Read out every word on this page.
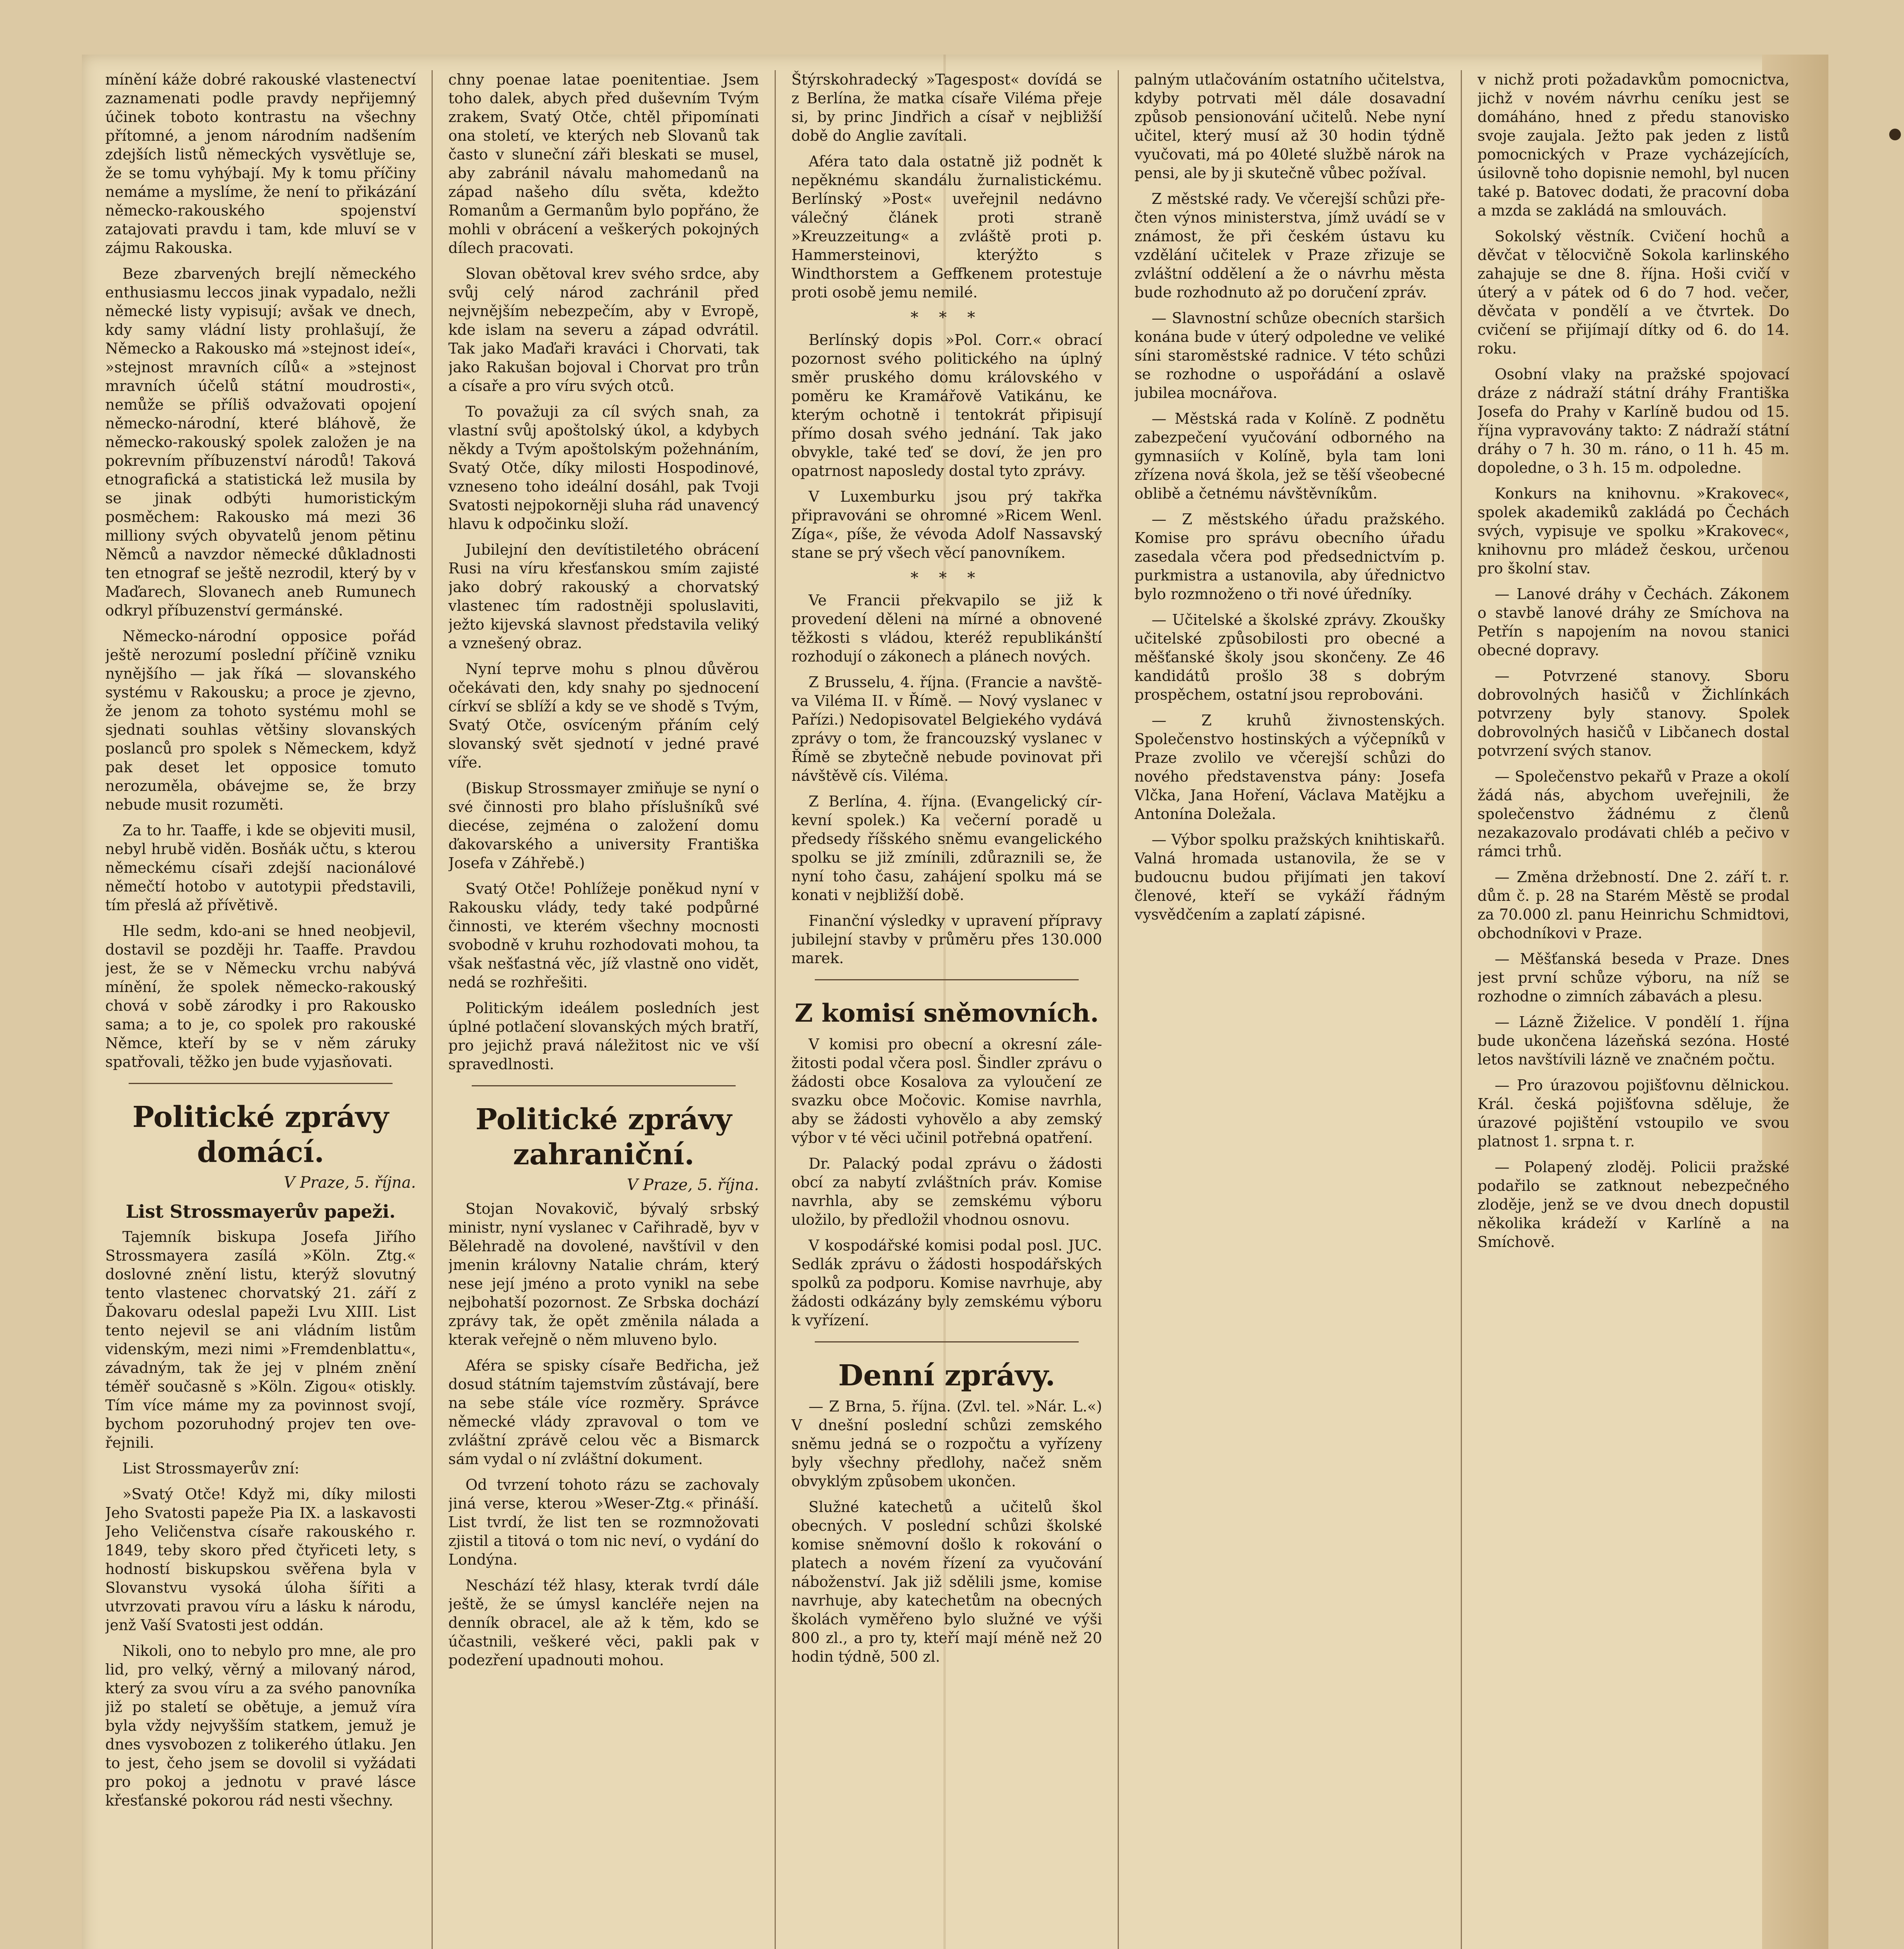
mínění káže dobré rakouské vlastenectví zaznamenati podle pravdy nepřijemný účinek toboto kontrastu na všechny přítomné, a jenom národním nadšením zdejších listů německých vysvětluje se, že se tomu vyhýbají. My k tomu příčiny nemáme a myslíme, že není to přikázání německo-rakouského spojenství zatajovati pravdu i tam, kde mluví se v zájmu Rakouska.

Beze zbarvených brejlí německého enthusiasmu leccos jinak vypadalo, nežli německé listy vypisují; avšak ve dnech, kdy samy vládní listy prohlašují, že Německo a Rakousko má »stejnost ideí«, »stejnost mravních cílů« a »stejnost mravních účelů státní moudrosti«, nemůže se příliš odvažovati opojení německo-národní, které bláhově, že německo-rakouský spolek založen je na pokrevním příbuzenství národů! Taková etnografická a statistická lež musila by se jinak odbýti humoristickým posměchem: Rakousko má mezi 36 milliony svých obyvatelů jenom pětinu Němců a navzdor německé důkladnosti ten etnograf se ještě nezrodil, který by v Maďarech, Slovanech aneb Rumunech odkryl příbuzenství germánské.

Německo-národní opposice pořád ještě nerozumí poslední příčině vzniku nynějšího — jak říká — slovanského systému v Rakousku; a proce je zjevno, že jenom za tohoto systému mohl se sjednati souhlas většiny slovanských poslanců pro spolek s Německem, když pak deset let opposice tomuto nerozuměla, obávejme se, že brzy nebude musit rozuměti.

Za to hr. Taaffe, i kde se objeviti musil, nebyl hrubě viděn. Bosňák učtu, s kterou německému císaři zdejší nacionálové němečtí hotobo v autotypii představili, tím přeslá až přívětivě.

Hle sedm, kdo-ani se hned neobjevil, dostavil se později hr. Taaffe. Pravdou jest, že se v Německu vrchu nabývá mínění, že spolek německo-rakouský chová v sobě zárodky i pro Rakousko sama; a to je, co spolek pro rakouské Němce, kteří by se v něm záruky spatřovali, těžko jen bude vyjasňovati.

Politické zprávy domácí.
V Praze, 5. října.
List Strossmayerův papeži.

Tajemník biskupa Josefa Jiřího Strossmayera zasílá »Köln. Ztg.« doslovné znění listu, kterýž slovutný tento vlastenec chorvatský 21. září z Ďakovaru odeslal papeži Lvu XIII. List tento nejevil se ani vládním listům videnským, mezi nimi »Fremdenblattu«, závadným, tak že jej v plném znění téměř současně s »Köln. Zigou« otiskly. Tím více máme my za povinnost svojí, bychom pozoruhodný projev ten oveřejnili.

List Strossmayerův zní:

»Svatý Otče! Když mi, díky milosti Jeho Svatosti papeže Pia IX. a laskavosti Jeho Veličenstva císaře rakouského r. 1849, teby skoro před čtyřiceti lety, s hodností biskupskou svěřena byla v Slovanstvu vysoká úloha šířiti a utvrzovati pravou víru a lásku k národu, jenž Vaší Svatosti jest oddán.

Nikoli, ono to nebylo pro mne, ale pro lid, pro velký, věrný a milovaný národ, který za svou víru a za svého panovníka již po staletí se obětuje, a jemuž víra byla vždy nejvyšším statkem, jemuž je dnes vysvobozen z tolikerého útlaku. Jen to jest, čeho jsem se dovolil si vyžádati pro pokoj a jednotu v pravé lásce křesťanské pokorou rád nesti všechny.

chny poenae latae poenitentiae. Jsem toho dalek, abych před duševním Tvým zrakem, Svatý Otče, chtěl připomínati ona století, ve kterých neb Slovanů tak často v sluneční záři bleskati se musel, aby zabránil návalu mahomedanů na západ našeho dílu světa, kdežto Romanům a Germanům bylo popřáno, že mohli v obrácení a veškerých pokojných dílech pracovati.

Slovan obětoval krev svého srdce, aby svůj celý národ zachránil před nejvnějším nebezpečím, aby v Evropě, kde islam na severu a západ odvrátil. Tak jako Maďaři kraváci i Chorvati, tak jako Rakušan bojoval i Chorvat pro trůn a císaře a pro víru svých otců.

To považuji za cíl svých snah, za vlastní svůj apoštolský úkol, a kdybych někdy a Tvým apoštolským požehnáním, Svatý Otče, díky milosti Hospodinové, vzneseno toho ideální dosáhl, pak Tvoji Svatosti nejpokorněji sluha rád unavencý hlavu k odpočinku složí.

Jubilejní den devítistiletého obrácení Rusi na víru křesťanskou smím zajisté jako dobrý rakouský a chorvatský vlastenec tím radostněji spoluslaviti, ježto kijevská slavnost představila veliký a vznešený obraz.

Nyní teprve mohu s plnou důvěrou očekávati den, kdy snahy po sjednocení církví se sblíží a kdy se ve shodě s Tvým, Svatý Otče, osvíceným přáním celý slovanský svět sjednotí v jedné pravé víře.

(Biskup Strossmayer zmiňuje se nyní o své činnosti pro blaho příslušníků své diecése, zejména o založení domu ďakovarského a university Františka Josefa v Záhřebě.)

Svatý Otče! Pohlížeje poněkud nyní v Rakousku vlády, tedy také podpůrné činnosti, ve kterém všechny mocnosti svobodně v kruhu rozhodovati mohou, ta však nešťastná věc, jíž vlastně ono vidět, nedá se rozhřešiti.

Politickým ideálem posledních jest úplné potlačení slovanských mých bratří, pro jejichž pravá náležitost nic ve vší spravedlnosti.

Politické zprávy zahraniční.
V Praze, 5. října.

Stojan Novakovič, bývalý srbský ministr, nyní vyslanec v Cařihradě, byv v Bělehradě na dovolené, navštívil v den jmenin královny Natalie chrám, který nese její jméno a proto vynikl na sebe nejbohatší pozornost. Ze Srbska dochází zprávy tak, že opět změnila nálada a kterak veřejně o něm mluveno bylo.

Aféra se spisky císaře Bedřicha, jež dosud státním tajemstvím zůstávají, bere na sebe stále více rozměry. Správce německé vlády zpravoval o tom ve zvláštní zprávě celou věc a Bismarck sám vydal o ní zvláštní dokument.

Od tvrzení tohoto rázu se zachovaly jiná verse, kterou »Weser-Ztg.« přináší. List tvrdí, že list ten se rozmnožovati zjistil a titová o tom nic neví, o vydání do Londýna.

Neschází též hlasy, kterak tvrdí dále ještě, že se úmysl kancléře nejen na denník obracel, ale až k těm, kdo se účastnili, veškeré věci, pakli pak v podezření upadnouti mohou.

Štýrskohradecký »Tagespost« dovídá se z Berlína, že matka císaře Viléma přeje si, by princ Jindřich a císař v nejbližší době do Anglie zavítali.

Aféra tato dala ostatně již podnět k nepěknému skandálu žurnalistickému. Berlínský »Post« uveřejnil nedávno válečný článek proti straně »Kreuzzeitung« a zvláště proti p. Hammersteinovi, kterýžto s Windthorstem a Geffkenem protestuje proti osobě jemu nemilé.

* * *

Berlínský dopis »Pol. Corr.« obrací pozornost svého politického na úplný směr pruského domu královského v poměru ke Kramářově Vatikánu, ke kterým ochotně i tentokrát připisují přímo dosah svého jednání. Tak jako obvykle, také teď se doví, že jen pro opatrnost naposledy dostal tyto zprávy.

V Luxemburku jsou prý takřka připravováni se ohromné »Ricem Wenl. Zíga«, píše, že vévoda Adolf Nassavský stane se prý všech věcí panovníkem.

* * *

Ve Francii překvapilo se již k provedení děleni na mírné a obnovené těžkosti s vládou, kteréž republikánští rozhodují o zákonech a plánech nových.

Z Brusselu, 4. října. (Francie a navštěva Viléma II. v Římě. — Nový vyslanec v Pařízi.) Nedopisovatel Belgiekého vydává zprávy o tom, že francouzský vyslanec v Římě se zbytečně nebude povinovat při návštěvě cís. Viléma.

Z Berlína, 4. října. (Evangelický církevní spolek.) Ka večerní poradě u předsedy říšského sněmu evangelického spolku se již zmínili, zdůraznili se, že nyní toho času, zahájení spolku má se konati v nejbližší době.

Finanční výsledky v upravení přípravy jubilejní stavby v průměru přes 130.000 marek.

Z komisí sněmovních.

V komisi pro obecní a okresní záležitosti podal včera posl. Šindler zprávu o žádosti obce Kosalova za vyloučení ze svazku obce Močovic. Komise navrhla, aby se žádosti vyhovělo a aby zemský výbor v té věci učinil potřebná opatření.

Dr. Palacký podal zprávu o žádosti obcí za nabytí zvláštních práv. Komise navrhla, aby se zemskému výboru uložilo, by předložil vhodnou osnovu.

V kospodářské komisi podal posl. JUC. Sedlák zprávu o žádosti hospodářských spolků za podporu. Komise navrhuje, aby žádosti odkázány byly zemskému výboru k vyřízení.

Denní zprávy.

— Z Brna, 5. října. (Zvl. tel. »Nár. L.«) V dnešní poslední schůzi zemského sněmu jedná se o rozpočtu a vyřízeny byly všechny předlohy, načež sněm obvyklým způsobem ukončen.

Služné katechetů a učitelů škol obecných. V poslední schůzi školské komise sněmovní došlo k rokování o platech a novém řízení za vyučování náboženství. Jak již sdělili jsme, komise navrhuje, aby katechetům na obecných školách vyměřeno bylo služné ve výši 800 zl., a pro ty, kteří mají méně než 20 hodin týdně, 500 zl.

palným utlačováním ostatního učitelstva, kdyby potrvati měl dále dosavadní způsob pensionování učitelů. Nebe nyní učitel, který musí až 30 hodin týdně vyučovati, má po 40leté službě nárok na pensi, ale by ji skutečně vůbec požíval.

Z městské rady. Ve včerejší schůzi přečten výnos ministerstva, jímž uvádí se v známost, že při českém ústavu ku vzdělání učitelek v Praze zřizuje se zvláštní oddělení a že o návrhu města bude rozhodnuto až po doručení zpráv.

— Slavnostní schůze obecních staršich konána bude v úterý odpoledne ve veliké síni staroměstské radnice. V této schůzi se rozhodne o uspořádání a oslavě jubilea mocnářova.

— Městská rada v Kolíně. Z podnětu zabezpečení vyučování odborného na gymnasiích v Kolíně, byla tam loni zřízena nová škola, jež se těší všeobecné oblibě a četnému návštěvníkům.

— Z městského úřadu pražského. Komise pro správu obecního úřadu zasedala včera pod předsednictvím p. purkmistra a ustanovila, aby úřednictvo bylo rozmnoženo o tři nové úředníky.

— Učitelské a školské zprávy. Zkoušky učitelské způsobilosti pro obecné a měšťanské školy jsou skončeny. Ze 46 kandidátů prošlo 38 s dobrým prospěchem, ostatní jsou reprobováni.

— Z kruhů živnostenských. Společenstvo hostinských a výčepníků v Praze zvolilo ve včerejší schůzi do nového představenstva pány: Josefa Vlčka, Jana Hoření, Václava Matějku a Antonína Doležala.

— Výbor spolku pražských knihtiskařů. Valná hromada ustanovila, že se v budoucnu budou přijímati jen takoví členové, kteří se vykáží řádným vysvědčením a zaplatí zápisné.

v nichž proti požadavkům pomocnictva, jichž v novém návrhu ceníku jest se domáháno, hned z předu stanovisko svoje zaujala. Ježto pak jeden z listů pomocnických v Praze vycházejících, úsilovně toho dopisnie nemohl, byl nucen také p. Batovec dodati, že pracovní doba a mzda se zakládá na smlouvách.

Sokolský věstník. Cvičení hochů a děvčat v tělocvičně Sokola karlinského zahajuje se dne 8. října. Hoši cvičí v úterý a v pátek od 6 do 7 hod. večer, děvčata v pondělí a ve čtvrtek. Do cvičení se přijímají dítky od 6. do 14. roku.

Osobní vlaky na pražské spojovací dráze z nádraží státní dráhy Františka Josefa do Prahy v Karlíně budou od 15. října vypravovány takto: Z nádraží státní dráhy o 7 h. 30 m. ráno, o 11 h. 45 m. dopoledne, o 3 h. 15 m. odpoledne.

Konkurs na knihovnu. »Krakovec«, spolek akademiků zakládá po Čechách svých, vypisuje ve spolku »Krakovec«, knihovnu pro mládež českou, určenou pro školní stav.

— Lanové dráhy v Čechách. Zákonem o stavbě lanové dráhy ze Smíchova na Petřín s napojením na novou stanici obecné dopravy.

— Potvrzené stanovy. Sboru dobrovolných hasičů v Žichlínkách potvrzeny byly stanovy. Spolek dobrovolných hasičů v Libčanech dostal potvrzení svých stanov.

— Společenstvo pekařů v Praze a okolí žádá nás, abychom uveřejnili, že společenstvo žádnému z členů nezakazovalo prodávati chléb a pečivo v rámci trhů.

— Změna držebností. Dne 2. září t. r. dům č. p. 28 na Starém Městě se prodal za 70.000 zl. panu Heinrichu Schmidtovi, obchodníkovi v Praze.

— Měšťanská beseda v Praze. Dnes jest první schůze výboru, na níž se rozhodne o zimních zábavách a plesu.

— Lázně Žiželice. V pondělí 1. října bude ukončena lázeňská sezóna. Hosté letos navštívili lázně ve značném počtu.

— Pro úrazovou pojišťovnu dělnickou. Král. česká pojišťovna sděluje, že úrazové pojištění vstoupilo ve svou platnost 1. srpna t. r.

— Polapený zloděj. Policii pražské podařilo se zatknout nebezpečného zloděje, jenž se ve dvou dnech dopustil několika krádeží v Karlíně a na Smíchově.
